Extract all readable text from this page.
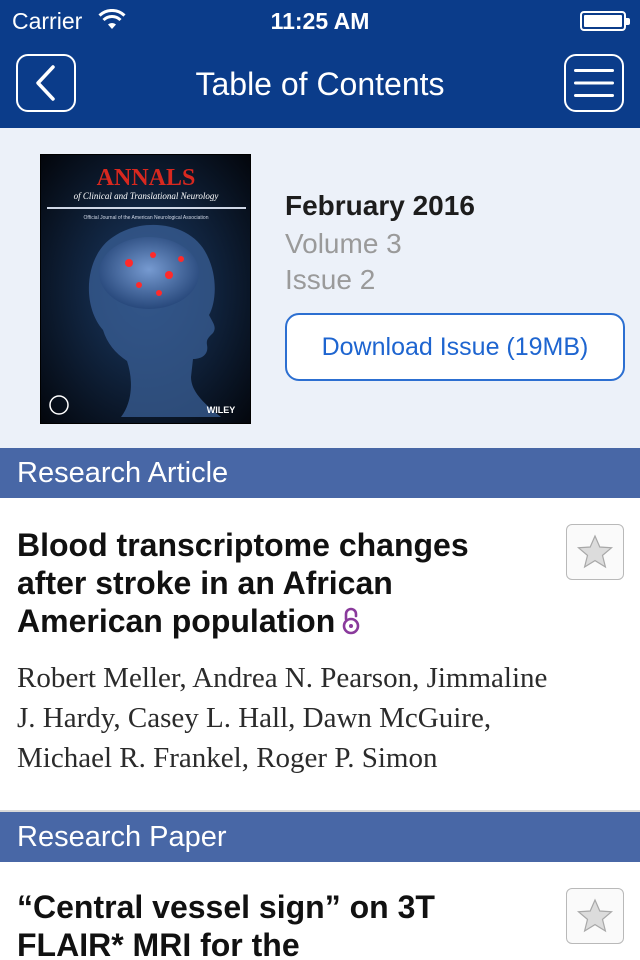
Carrier	11:25 AM
Table of Contents
ANNALS
of Clinical and Translational Neurology
Official Journal of the American Neurological Association
WILEY
February 2016
Volume 3
Issue 2
Download Issue (19MB)
Research Article
Blood transcriptome changes
after stroke in an African
American population
Robert Meller, Andrea N. Pearson, Jimmaline
J. Hardy, Casey L. Hall, Dawn McGuire,
Michael R. Frankel, Roger P. Simon
Research Paper
“Central vessel sign” on 3T
FLAIR* MRI for the
